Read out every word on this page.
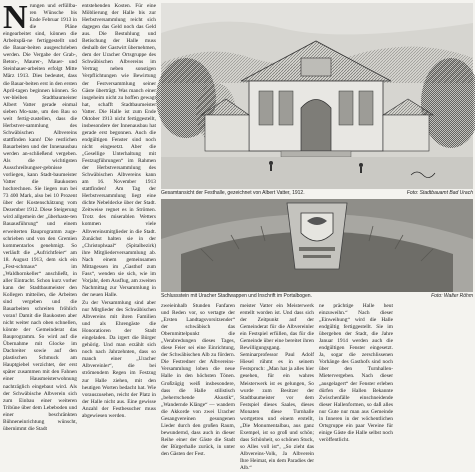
Nrungen und erfüllba-ren Wünsche bis Ende Februar 1913 in die Pläne eingearbeitet sind, können die Arbeitsplä-ne fertiggestellt und die Bauar-beiten ausgeschrieben werden. Die Vergabe der Grab-, Beton-, Maurer-, Mauer- und Steinhauer-arbeiten erfolgt Mitte März 1913. Dies bedeutet, dass die Bauar-beiten erst in den ersten April-tagen beginnen können. So ver-bleiben Stadtbaumeister Albert Vatter gerade einmal sieben Mo-nate, um den Bau so weit fertig-zustellen, dass die Herbstver-sammlung des Schwäbischen Albvereins stattfinden kann! Die restlichen Bauarbeiten und der Innenausbau werden an-schließend vergeben. Als die wichtigsten Ausschreibungser-gebnisse vorliegen, kann Stadt-baumeister Vatter die Baukosten hochrechnen. Sie liegen nun bei 73 400 Mark, also bei 10 Prozent über der Kostenschätzung vom Dezember 1912. Diese Steigerung wird allgemein der „überhaste-ten Bauausführung“ und einem erweiterten Bauprogramm zuge-schrieben und von den Gremien kommentarlos genehmigt. So verläuft die „Aufrichtfeier“ am 18. August 1913, dem sich ein „Fest-schmaus“ im „Waldhornkeller“ anschließt, in aller Eintracht. Schon kurz vorher kann der Stadtbaumeister den Kollegen mitteilen, die Arbeiten sind vergeben und die Bauarbeiten schreiten fröhlich voran! Damit die Baukosten aber nicht weiter nach oben schnellen, könnte der Gemeinderat das Bauprogramm. So wird auf die Übernahme mit Glocke im Dachreiter sowie auf den plastischen Schmuck am Hauptgiebel verzichtet, der erst später zusammen mit den Fahnen einer Hausmeisterwohnung nachträglich eingebaut wird. Als der Schwäbische Albverein sich zum Einbau einer weiteren Tribüne über dem Lebeboden und einer beschränkten Bühneneinrichtung wünscht, übernimmt die Stadt

entstehenden Kosten. Für eine Möblierung der Halle bis zur Herbstversammlung reicht sich dagegen das Geld noch das Geld aus. Die Bestuhlung und Betischung der Halle muss deshalb der Gastwirt übernehmen, dem der Uracher Ortsgruppe des Schwäbischen Albvereins im Vertrag neben sonstigen Verpflichtungen wie Bewirtung der Festversammlung seiner Gäste überträgt. Was manch einer insgeheim nicht zu hoffen gewagt hat, schafft Stadtbaumeister Vatter. Die Halle ist zum Ende Oktober 1913 nicht fertiggestellt, insbesondere der Innenausbau hat gerade erst begonnen. Auch die endgültigen Fenster sind noch nicht eingesetzt. Aber die „Gesellige Unterhaltung mit Festzugführungen“ im Rahmen der Herbstversammlung des Schwäbischen Albvereins kann am 16. November 1913 stattfinden! Am Tag der Herbstversammlung liegt eine dichte Nebeldecke über der Stadt. Zeitweise regnet es in Strömen. Trotz des miserablen Wetters kommen viele Albvereinsmitglieder in die Stadt. Zunächst halten sie in der „Christophsaal“ (Spitalbezirk) ihre Mitgliederversammlung ab. Nach einem gemeinsamen Mittagessen im „Gasthof zum Fass“, wenden sie sich, wie im Vorjahr, dem Ausflug, am zweiten Nachmittag zur Versammlung in der neuen Halle.

Gesamtansicht der Festhalle, gezeichnet von Albert Vatter, 1912.	Foto: Stadtbauamt Bad Urach
Schlussstein mit Uracher Stadtwappen und Inschrift im Portalbogen.	Foto: Walter Röhm

Zu der Versammlung sind aber nur Mitglieder des Schwäbischen Albvereins mit ihren Familien und als Ehrengäste die Honoratioren der Stadt eingeladen. Da irgert die Bürger gehörig. Und man erzählt sich noch nach Jahrzehnten, dass so manch einer „Uracher Albvereinler“, die bei strömendem Regen im Festzug zur Halle ziehen, mit den heutigen Worten bedacht hat. Wie vorauszusehen, reicht der Platz in der Halle nicht aus. Eine gewisse Anzahl der Festbesucher muss abgewiesen werden.

zweieinhalb Stunden Fanfaren und Reden vor, so vertagte der „Ersten Landtagsvorsitzender“ der schwäbisch das Obernmittelpunkt die „Verabredungen dieses Tages, diese Feier sei eine Einrichtung, der Schwäbischen Alb zu fördern. Die Festredner der Albvereins-Versammlung loben die neue Halle in den höchsten Tönen. Großzügig weiß insbesondere, dass die Halle stilistisch „beherrschende Akustik“, „Wandernde Klänge“ — wandern die Akkorde von zwei Uracher Gesangvereinen gesungenen Lieder durch den großen Raum, bewundernd, dass auch in dieser Reihe einer der Gäste die Stadt der Bürgerhalle zurück, in unter den Gästen der Fest.

meister Vatter ein Meisterwerk erstellt worden ist. Und dass sich der Zeitpunkt auf der Gemeinderat für die Albvereinler ein Festspiel erfüllen, das für die Gemeinde über eine bereitet ihren Bewilligungsgang. Seminarprofessor Paul Adolf Hiesel rühmt es in seinem Festspruch: „Man hat ja alles hier gesehen, für ein wahres Meisterwerk ist es gelungen, So wurde zum Besitzer der Stadtbaumeister vor dem Festspiel dieses Saales, dieses Monaten diese Turnhalle wortgetreu und einem erstellt, „Die Monumentalbau, aus ganz Exempel, ist so groß und schön; dass Schönheit, so schönen Stuck, so Alles voll ist“, „So zieht das Albvereins-Volk, Ja Albverein Ihre Heimat, ein dem Paradies der Alb.“

ne prächtige Halle heut einzuweihn.“ Nach dieser „Einweihung“ wird die Halle endgültig fertiggestellt. Sie im übergeben der Stadt, die Jahre Januar 1914 werden auch die endgültigen Fenster eingesetzt. Ja, sogar die zerschlissenen Vorhänge des Gasthofs sind noch über den Turnhallen-Mietervergeben. Nach dieser „ausgelagert“ der Fenster erleben dürfen die Hallen Bekannte Zwischenfälle einschneidende dieser Hallenformen, so daß alles nur Gute nur man aus Gemeinde in Inneren in der wöchentlichen Ortsgruppe ein paar Vereine für einige Gäste die Halle selbst noch veröffentlicht.
